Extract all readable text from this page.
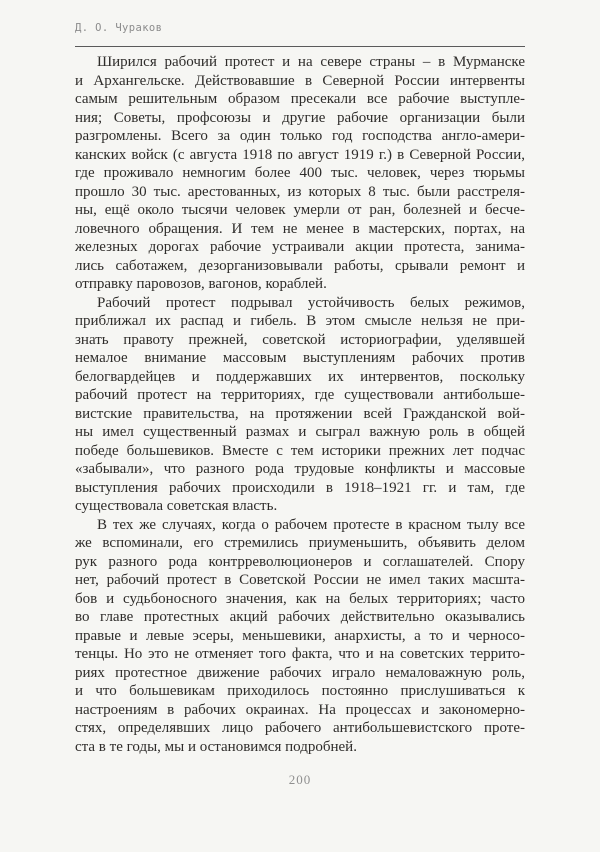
Д. О. Чураков
Ширился рабочий протест и на севере страны – в Мурманске
и Архангельске. Действовавшие в Северной России интервенты
самым решительным образом пресекали все рабочие выступле-
ния; Советы, профсоюзы и другие рабочие организации были
разгромлены. Всего за один только год господства англо-амери-
канских войск (с августа 1918 по август 1919 г.) в Северной России,
где проживало немногим более 400 тыс. человек, через тюрьмы
прошло 30 тыс. арестованных, из которых 8 тыс. были расстреля-
ны, ещё около тысячи человек умерли от ран, болезней и бесче-
ловечного обращения. И тем не менее в мастерских, портах, на
железных дорогах рабочие устраивали акции протеста, занима-
лись саботажем, дезорганизовывали работы, срывали ремонт и
отправку паровозов, вагонов, кораблей.
Рабочий протест подрывал устойчивость белых режимов,
приближал их распад и гибель. В этом смысле нельзя не при-
знать правоту прежней, советской историографии, уделявшей
немалое внимание массовым выступлениям рабочих против
белогвардейцев и поддержавших их интервентов, поскольку
рабочий протест на территориях, где существовали антибольше-
вистские правительства, на протяжении всей Гражданской вой-
ны имел существенный размах и сыграл важную роль в общей
победе большевиков. Вместе с тем историки прежних лет подчас
«забывали», что разного рода трудовые конфликты и массовые
выступления рабочих происходили в 1918–1921 гг. и там, где
существовала советская власть.
В тех же случаях, когда о рабочем протесте в красном тылу все
же вспоминали, его стремились приуменьшить, объявить делом
рук разного рода контрреволюционеров и соглашателей. Спору
нет, рабочий протест в Советской России не имел таких масшта-
бов и судьбоносного значения, как на белых территориях; часто
во главе протестных акций рабочих действительно оказывались
правые и левые эсеры, меньшевики, анархисты, а то и черносо-
тенцы. Но это не отменяет того факта, что и на советских террито-
риях протестное движение рабочих играло немаловажную роль,
и что большевикам приходилось постоянно прислушиваться к
настроениям в рабочих окраинах. На процессах и закономерно-
стях, определявших лицо рабочего антибольшевистского проте-
ста в те годы, мы и остановимся подробней.
200
